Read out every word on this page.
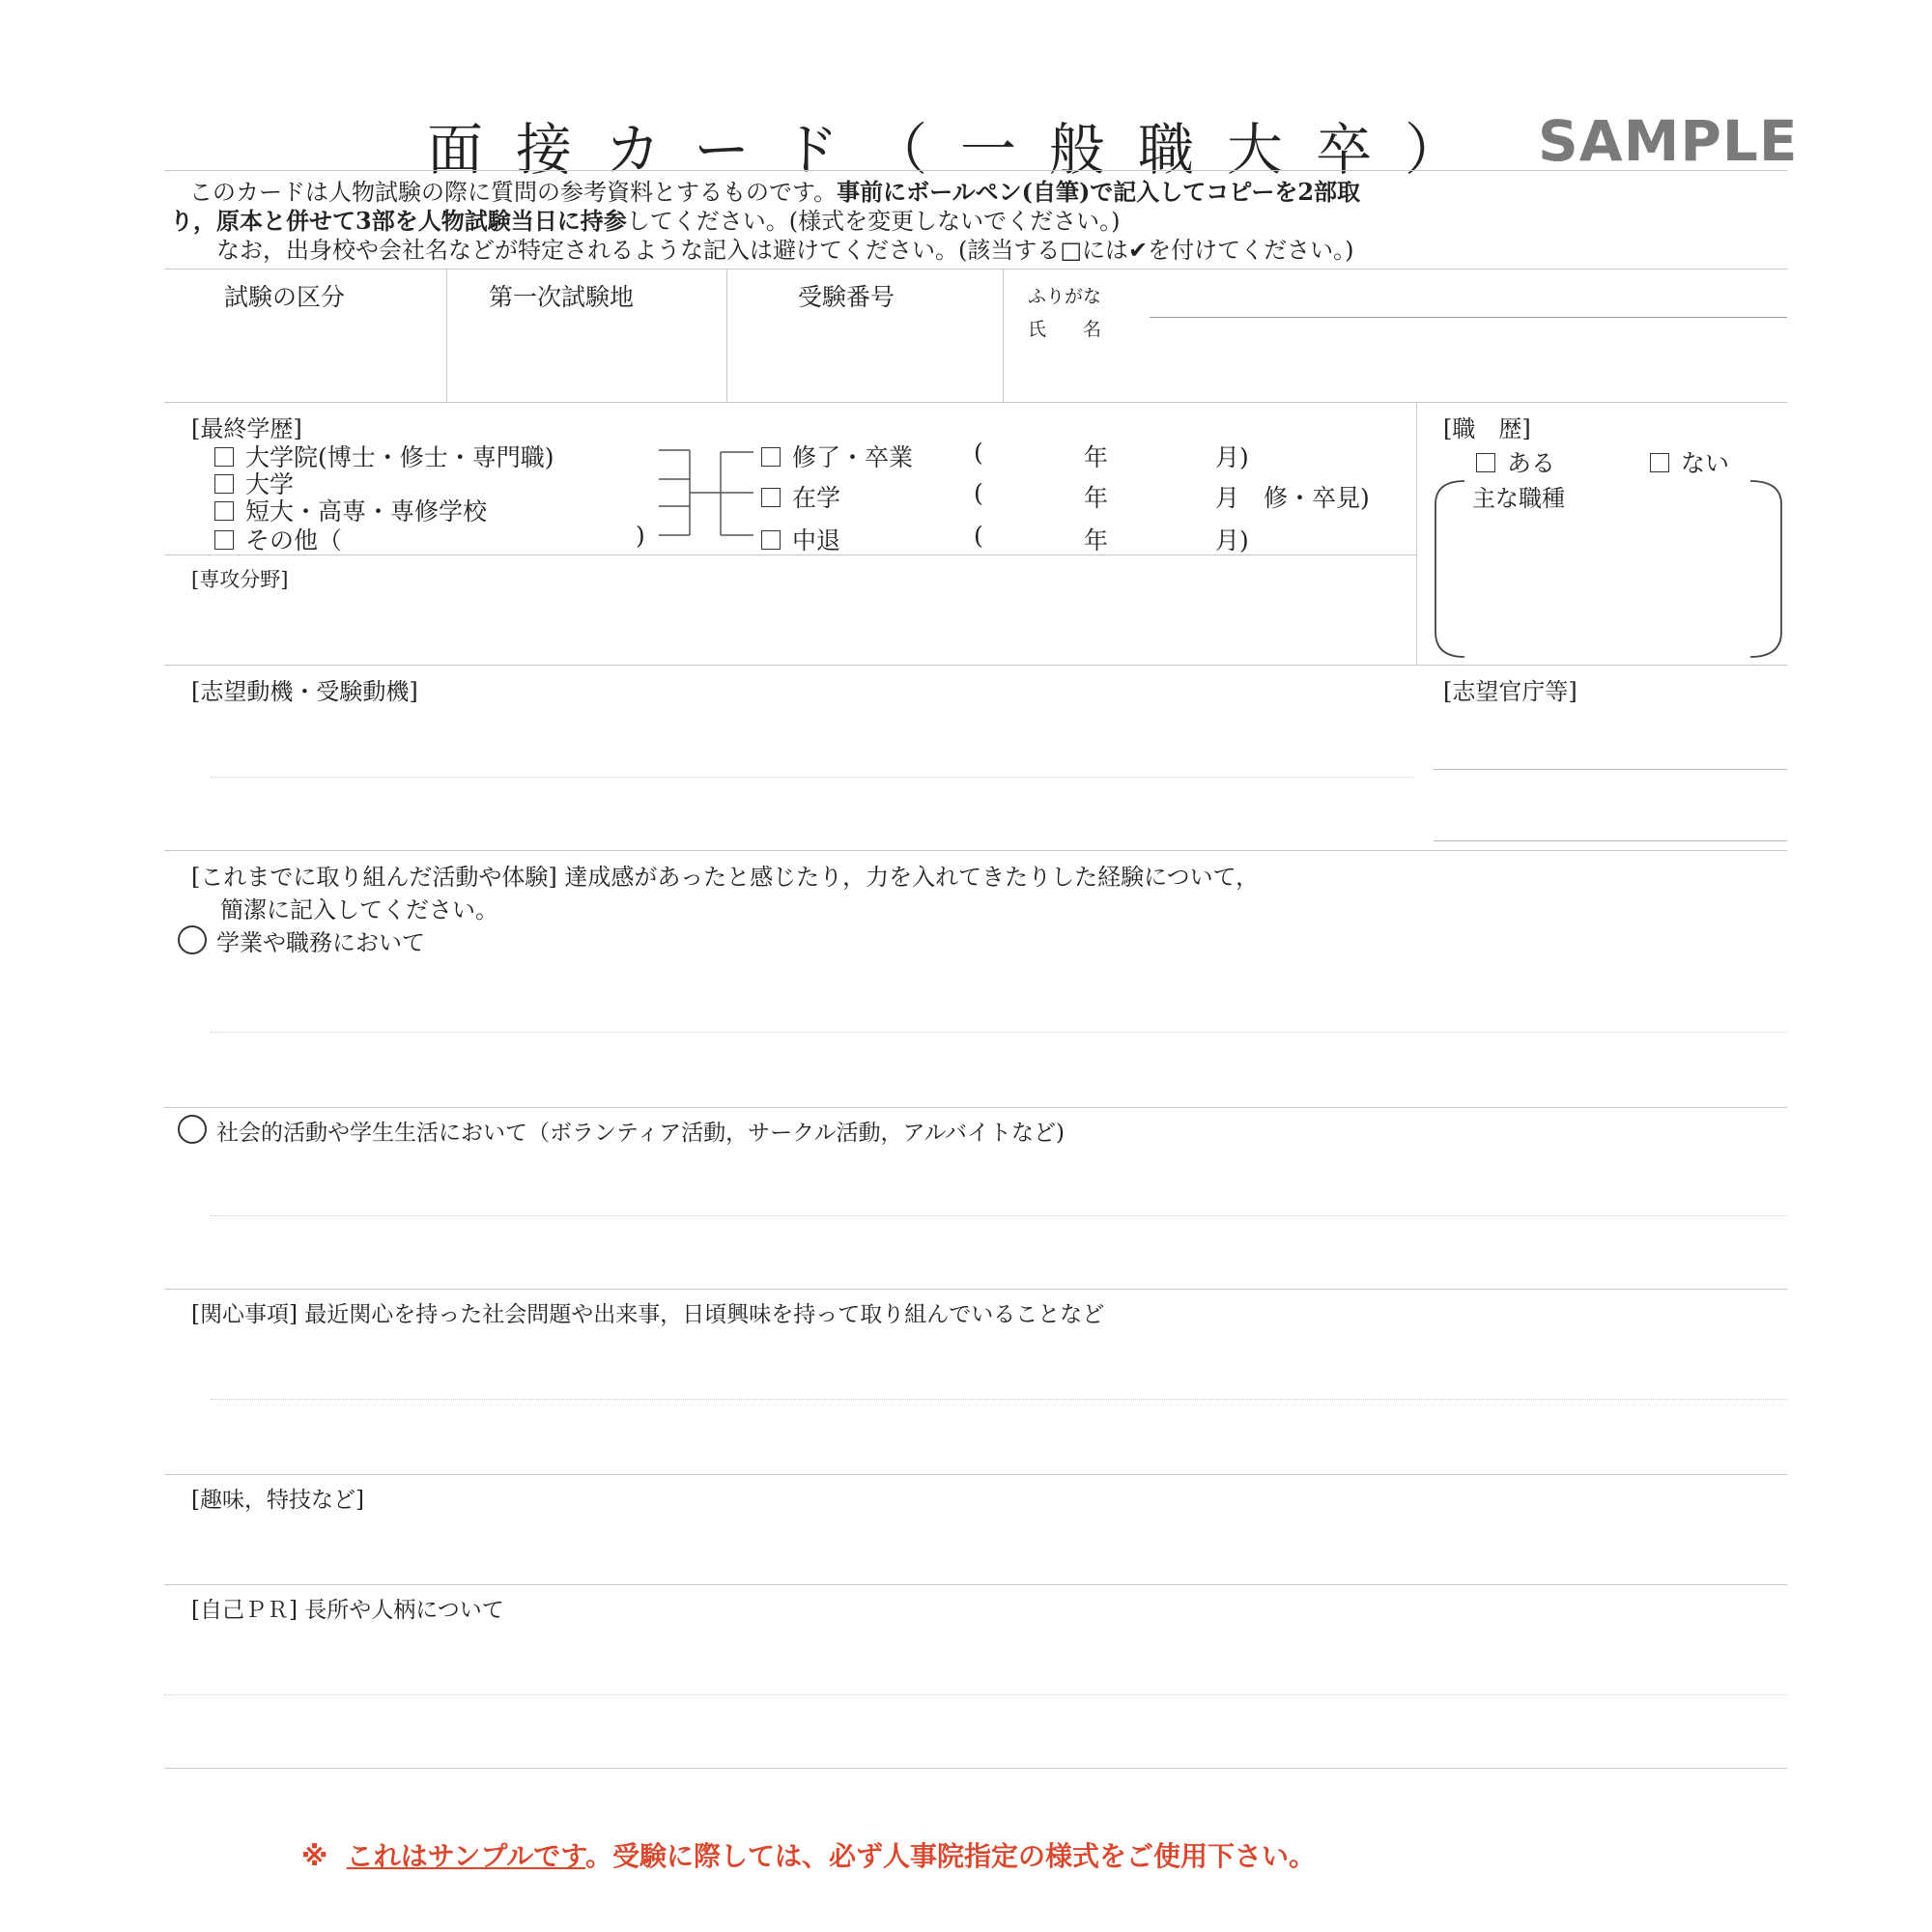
面接カード（一般職大卒） SAMPLE
このカードは人物試験の際に質問の参考資料とするものです。事前にボールペン(自筆)で記入してコピーを2部取
り，原本と併せて3部を人物試験当日に持参してください。(様式を変更しないでください。)
なお，出身校や会社名などが特定されるような記入は避けてください。(該当する□には✔を付けてください。)
試験の区分	第一次試験地	受験番号	ふりがな
氏　　名
[最終学歴]
大学院(博士・修士・専門職)
大学
短大・高専・専修学校
その他（	)
修了・卒業	(	年	月)
在学	(	年	月　修・卒見)
中退	(	年	月)
[専攻分野]
[職　歴]
ある	ない
主な職種
[志望動機・受験動機]	[志望官庁等]
[これまでに取り組んだ活動や体験] 達成感があったと感じたり，力を入れてきたりした経験について，
簡潔に記入してください。
学業や職務において
社会的活動や学生生活において（ボランティア活動，サークル活動，アルバイトなど)
[関心事項] 最近関心を持った社会問題や出来事，日頃興味を持って取り組んでいることなど
[趣味，特技など]
[自己ＰＲ] 長所や人柄について
※ これはサンプルです。受験に際しては、必ず人事院指定の様式をご使用下さい。
